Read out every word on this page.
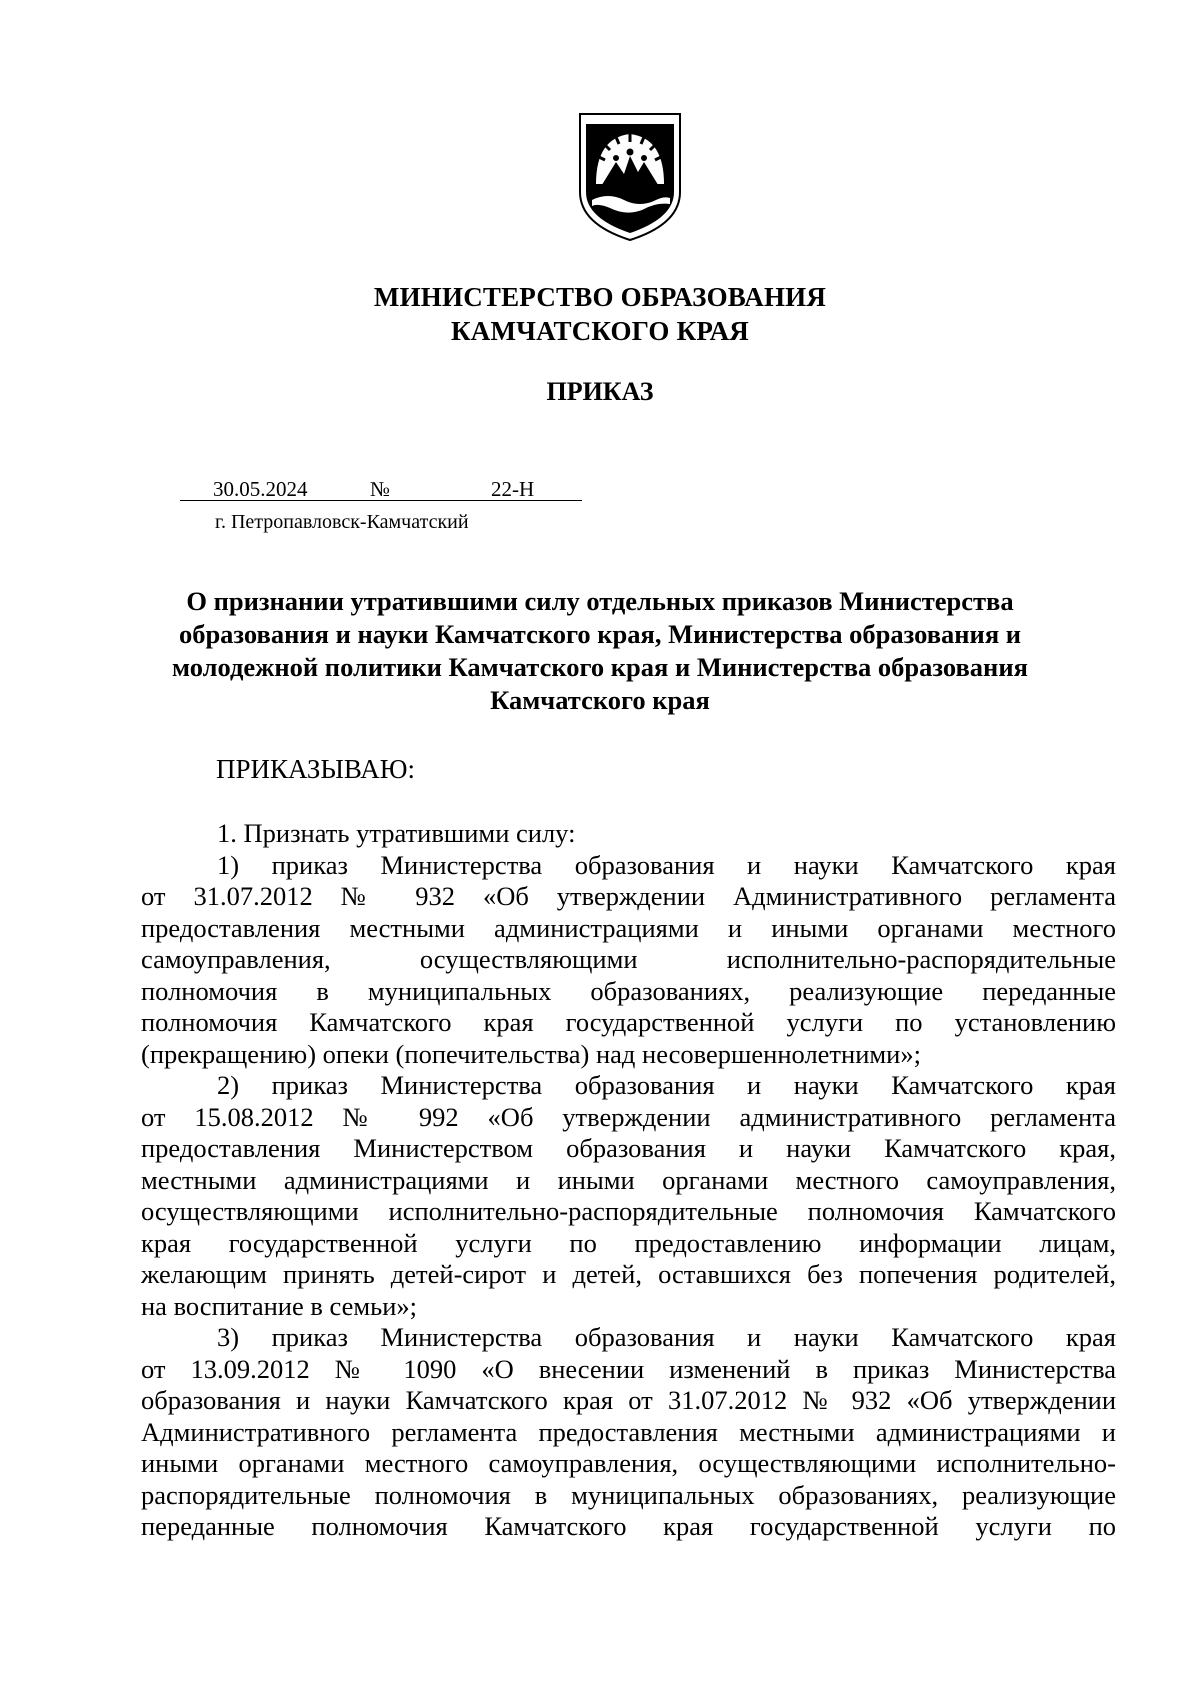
МИНИСТЕРСТВО ОБРАЗОВАНИЯ
КАМЧАТСКОГО КРАЯ
ПРИКАЗ
30.05.2024	№	22-Н
г. Петропавловск-Камчатский
О признании утратившими силу отдельных приказов Министерства
образования и науки Камчатского края, Министерства образования и
молодежной политики Камчатского края и Министерства образования
Камчатского края
ПРИКАЗЫВАЮ:
1. Признать утратившими силу:
1) приказ Министерства образования и науки Камчатского края
от 31.07.2012 № 932 «Об утверждении Административного регламента
предоставления местными администрациями и иными органами местного
самоуправления, осуществляющими исполнительно-распорядительные
полномочия в муниципальных образованиях, реализующие переданные
полномочия Камчатского края государственной услуги по установлению
(прекращению) опеки (попечительства) над несовершеннолетними»;
2) приказ Министерства образования и науки Камчатского края
от 15.08.2012 № 992 «Об утверждении административного регламента
предоставления Министерством образования и науки Камчатского края,
местными администрациями и иными органами местного самоуправления,
осуществляющими исполнительно-распорядительные полномочия Камчатского
края государственной услуги по предоставлению информации лицам,
желающим принять детей-сирот и детей, оставшихся без попечения родителей,
на воспитание в семьи»;
3) приказ Министерства образования и науки Камчатского края
от 13.09.2012 № 1090 «О внесении изменений в приказ Министерства
образования и науки Камчатского края от 31.07.2012 № 932 «Об утверждении
Административного регламента предоставления местными администрациями и
иными органами местного самоуправления, осуществляющими исполнительно-
распорядительные полномочия в муниципальных образованиях, реализующие
переданные полномочия Камчатского края государственной услуги по
